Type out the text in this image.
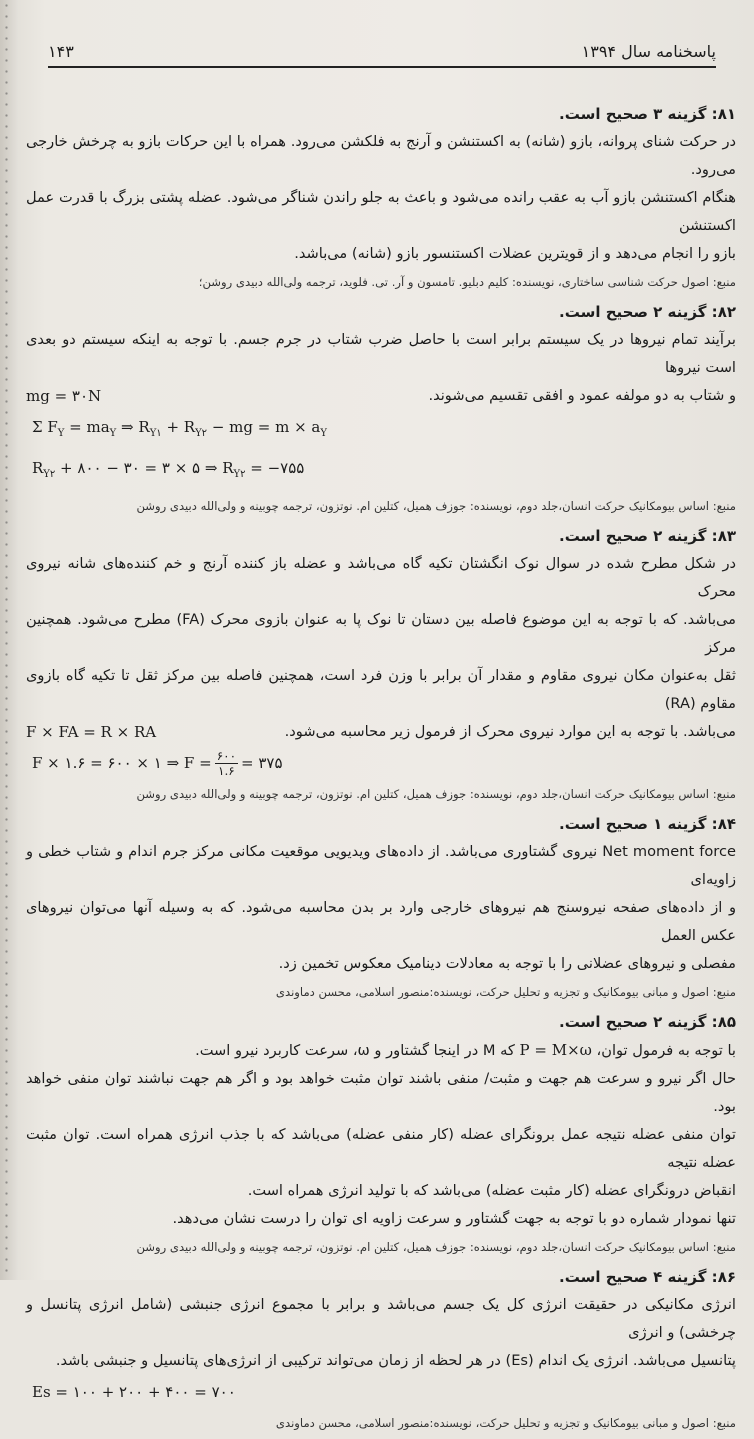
۱۴۳	پاسخنامه سال ۱۳۹۴
۸۱: گزینه ۳ صحیح است.
در حرکت شنای پروانه، بازو (شانه) به اکستنشن و آرنج به فلکشن می‌رود. همراه با این حرکات بازو به چرخش خارجی می‌رود.
هنگام اکستنشن بازو آب به عقب رانده می‌شود و باعث به جلو راندن شناگر می‌شود. عضله پشتی بزرگ با قدرت عمل اکستنشن
بازو را انجام می‌دهد و از قویترین عضلات اکستنسور بازو (شانه) می‌باشد.
منبع: اصول حرکت شناسی ساختاری، نویسنده: کلیم دبلیو. تامسون و آر. تی. فلوید، ترجمه ولی‌الله دبیدی روشن؛
۸۲: گزینه ۲ صحیح است.
برآیند تمام نیروها در یک سیستم برابر است با حاصل ضرب شتاب در جرم جسم. با توجه به اینکه سیستم دو بعدی است نیروها
و شتاب به دو مولفه عمود و افقی تقسیم می‌شوند.
mg = ۳۰N
Σ $F_Y = ma_Y$ ⇒ $R_{Y۱} + R_{Y۲}$ − mg = $m \times a_Y$
$R_{Y۲}$ + ۸۰۰ − ۳۰ = ۳ × ۵ ⇒ $R_{Y۲}$ = −۷۵۵
منبع: اساس بیومکانیک حرکت انسان،جلد دوم، نویسنده: جوزف همیل، کتلین ام. نوتزون، ترجمه چوبینه و ولی‌الله دبیدی روشن
۸۳: گزینه ۲ صحیح است.
در شکل مطرح شده در سوال نوک انگشتان تکیه گاه می‌باشد و عضله باز کننده آرنج و خم کننده‌های شانه نیروی محرک
می‌باشد. که با توجه به این موضوع فاصله بین دستان تا نوک پا به عنوان بازوی محرک (FA) مطرح می‌شود. همچنین مرکز
ثقل به‌عنوان مکان نیروی مقاوم و مقدار آن برابر با وزن فرد است، همچنین فاصله بین مرکز ثقل تا تکیه گاه بازوی مقاوم (RA)
می‌باشد. با توجه به این موارد نیروی محرک از فرمول زیر محاسبه می‌شود.
F × FA = R × RA
F × ۱.۶ = ۶۰۰ × ۱ ⇒ $F = \frac{۶۰۰}{۱.۶}$ = ۳۷۵
منبع: اساس بیومکانیک حرکت انسان،جلد دوم، نویسنده: جوزف همیل، کتلین ام. نوتزون، ترجمه چوبینه و ولی‌الله دبیدی روشن
۸۴: گزینه ۱ صحیح است.
Net moment force نیروی گشتاوری می‌باشد. از داده‌های ویدیویی موقعیت مکانی مرکز جرم اندام و شتاب خطی و زاویه‌ای
و از داده‌های صفحه نیروسنج هم نیروهای خارجی وارد بر بدن محاسبه می‌شود. که به وسیله آنها می‌توان نیروهای عکس العمل
مفصلی و نیروهای عضلانی را با توجه به معادلات دینامیک معکوس تخمین زد.
منبع: اصول و مبانی بیومکانیک و تجزیه و تحلیل حرکت، نویسنده:منصور اسلامی، محسن دماوندی
۸۵: گزینه ۲ صحیح است.
با توجه به فرمول توان، P = M×ω که M در اینجا گشتاور و ω، سرعت کاربرد نیرو است.
حال اگر نیرو و سرعت هم جهت و مثبت/ منفی باشند توان مثبت خواهد بود و اگر هم جهت نباشند توان منفی خواهد بود.
توان منفی عضله نتیجه عمل برونگرای عضله (کار منفی عضله) می‌باشد که با جذب انرژی همراه است. توان مثبت عضله نتیجه
انقباض درونگرای عضله (کار مثبت عضله) می‌باشد که با تولید انرژی همراه است.
تنها نمودار شماره دو با توجه به جهت گشتاور و سرعت زاویه ای توان را درست نشان می‌دهد.
منبع: اساس بیومکانیک حرکت انسان،جلد دوم، نویسنده: جوزف همیل، کتلین ام. نوتزون، ترجمه چوبینه و ولی‌الله دبیدی روشن
۸۶: گزینه ۴ صحیح است.
انرژی مکانیکی در حقیقت انرژی کل یک جسم می‌باشد و برابر با مجموع انرژی جنبشی (شامل انرژی پتانسل و چرخشی) و انرژی
پتانسیل می‌باشد. انرژی یک اندام (Es) در هر لحظه از زمان می‌تواند ترکیبی از انرژی‌های پتانسیل و جنبشی باشد.
Es = ۱۰۰ + ۲۰۰ + ۴۰۰ = ۷۰۰
منبع: اصول و مبانی بیومکانیک و تجزیه و تحلیل حرکت، نویسنده:منصور اسلامی، محسن دماوندی
